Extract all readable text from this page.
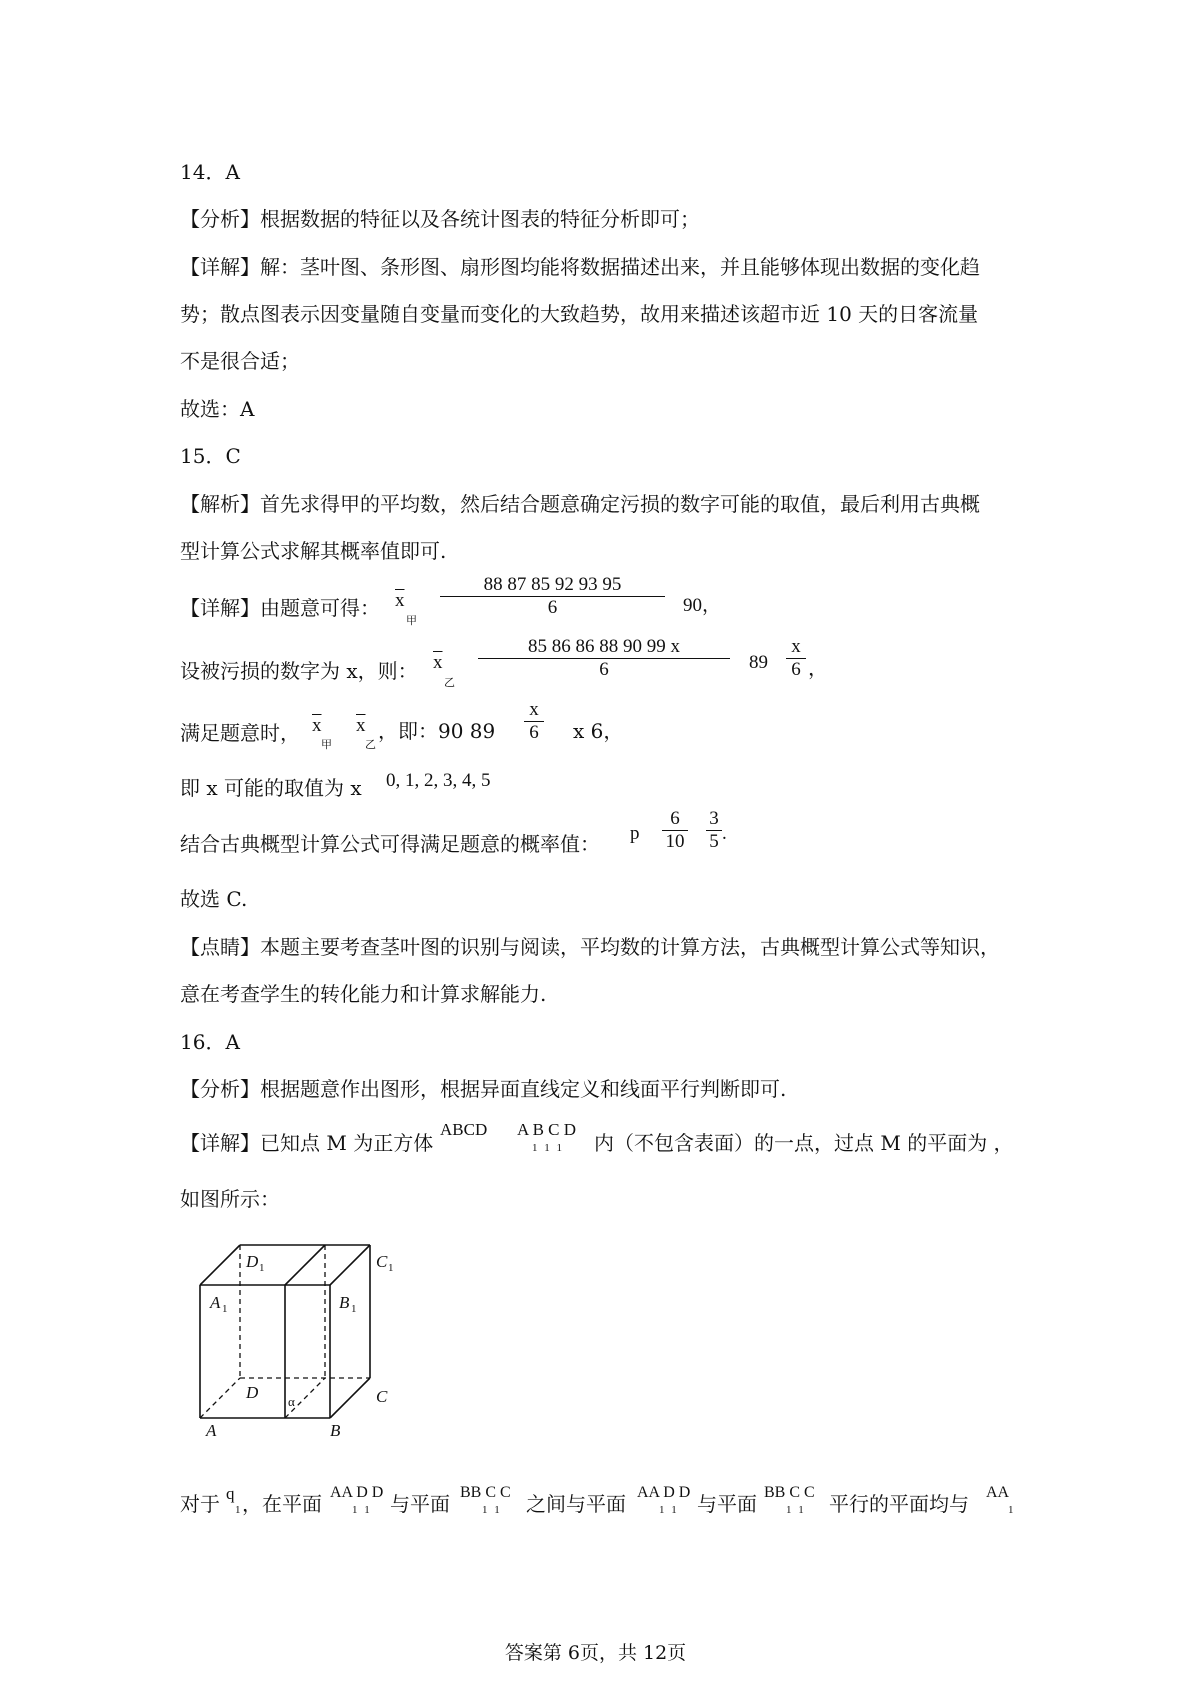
14．A
【分析】根据数据的特征以及各统计图表的特征分析即可；
【详解】解：茎叶图、条形图、扇形图均能将数据描述出来，并且能够体现出数据的变化趋
势；散点图表示因变量随自变量而变化的大致趋势，故用来描述该超市近 10 天的日客流量
不是很合适；
故选：A
15．C
【解析】首先求得甲的平均数，然后结合题意确定污损的数字可能的取值，最后利用古典概
型计算公式求解其概率值即可.
【详解】由题意可得： $\overline{x}$
甲
$\frac{88 87 85 92 93 95}{6} 90$，
设被污损的数字为 x，则： $\overline{x}$
乙
$\frac{85 86 86 88 90 99 x}{6} 89 \frac{x}{6}$ ，
满足题意时， $\overline{x}$
甲
$\overline{x}$
乙
，即：90 $89 \frac{x}{6}$ x 6，
即 x 可能的取值为 x 0, 1, 2, 3, 4, 5
结合古典概型计算公式可得满足题意的概率值： p $\frac{6}{10} \frac{3}{5}$ .
故选 C.
【点睛】本题主要考查茎叶图的识别与阅读，平均数的计算方法，古典概型计算公式等知识，
意在考查学生的转化能力和计算求解能力.
16．A
【分析】根据题意作出图形，根据异面直线定义和线面平行判断即可.
【详解】已知点 M 为正方体
ABCD A B C D
1 1 1 内（不包含表面）的一点，过点 M 的平面为 ，
如图所示：
D 1	C 1
A 1	B 1
D	C
α
A	B
对于 q
1 ，在平面 AA D D
1 1 与平面 BB C C
1 1 之间与平面 AA D D
1 1 与平面 BB C C
1 1 平行的平面均与 AA
1
答案第 6页，共 12页
